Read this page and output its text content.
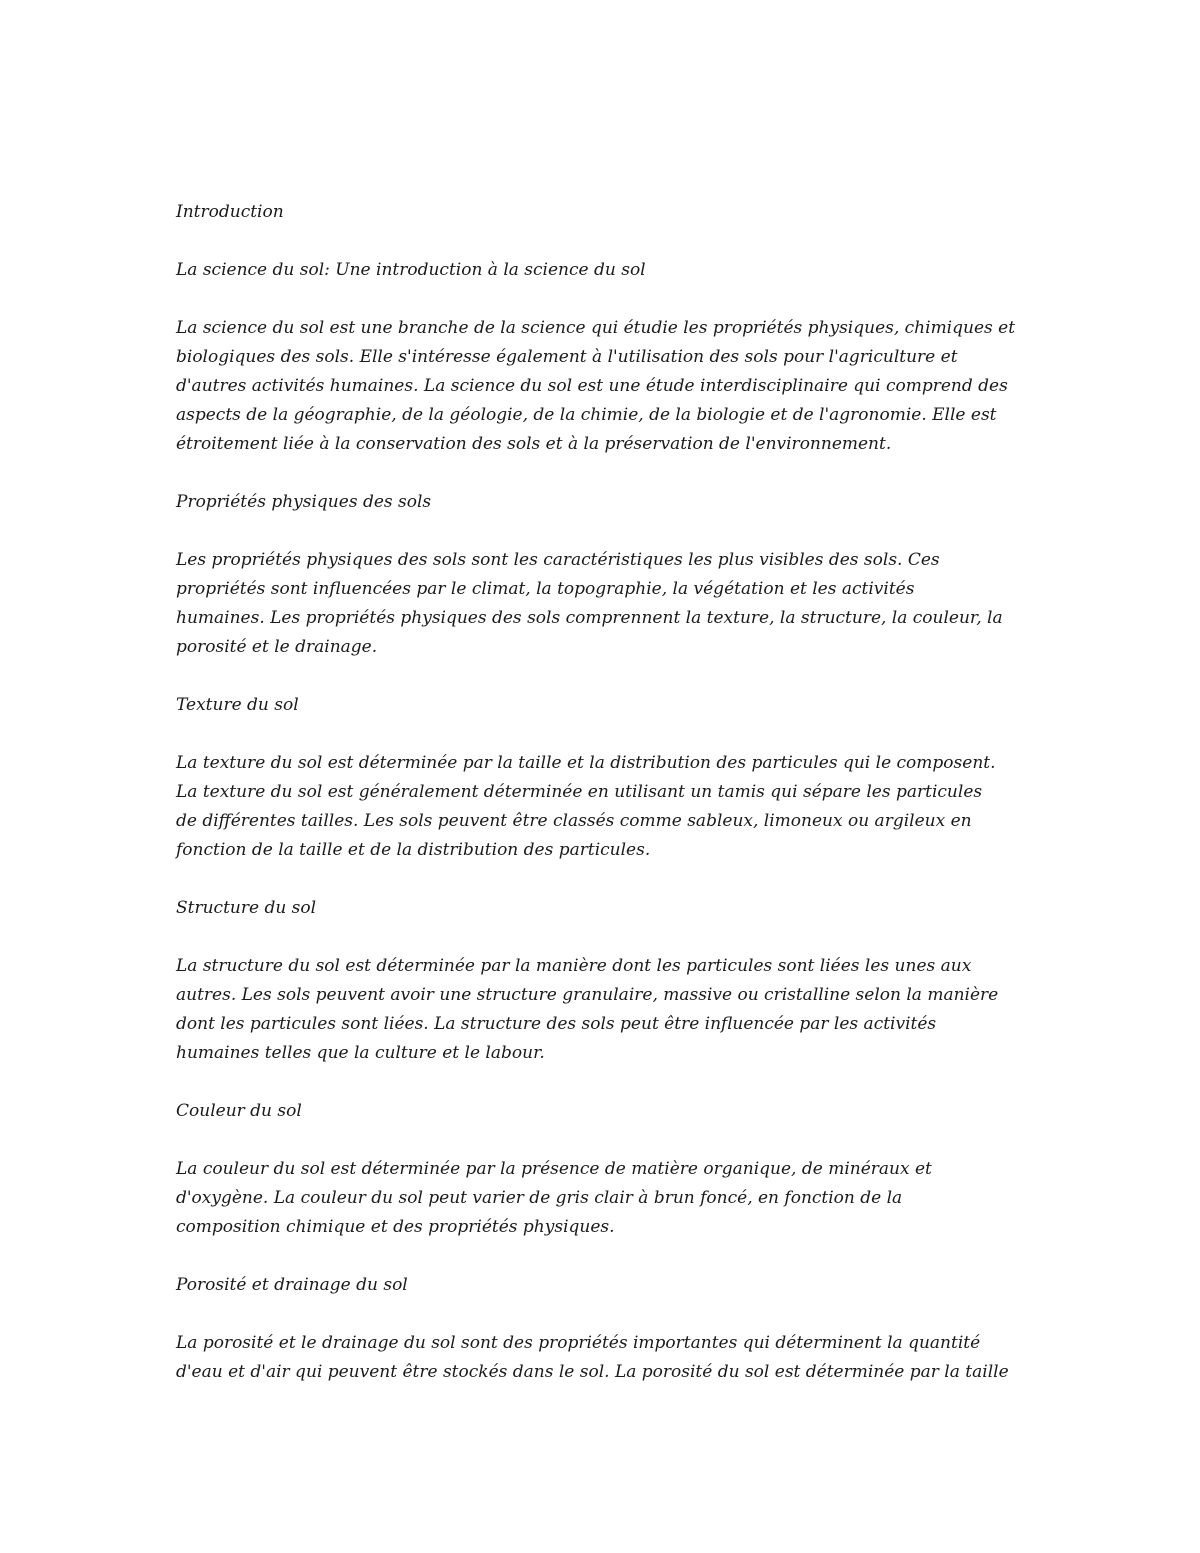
Introduction
La science du sol: Une introduction à la science du sol
La science du sol est une branche de la science qui étudie les propriétés physiques, chimiques et
biologiques des sols. Elle s'intéresse également à l'utilisation des sols pour l'agriculture et
d'autres activités humaines. La science du sol est une étude interdisciplinaire qui comprend des
aspects de la géographie, de la géologie, de la chimie, de la biologie et de l'agronomie. Elle est
étroitement liée à la conservation des sols et à la préservation de l'environnement.
Propriétés physiques des sols
Les propriétés physiques des sols sont les caractéristiques les plus visibles des sols. Ces
propriétés sont influencées par le climat, la topographie, la végétation et les activités
humaines. Les propriétés physiques des sols comprennent la texture, la structure, la couleur, la
porosité et le drainage.
Texture du sol
La texture du sol est déterminée par la taille et la distribution des particules qui le composent.
La texture du sol est généralement déterminée en utilisant un tamis qui sépare les particules
de différentes tailles. Les sols peuvent être classés comme sableux, limoneux ou argileux en
fonction de la taille et de la distribution des particules.
Structure du sol
La structure du sol est déterminée par la manière dont les particules sont liées les unes aux
autres. Les sols peuvent avoir une structure granulaire, massive ou cristalline selon la manière
dont les particules sont liées. La structure des sols peut être influencée par les activités
humaines telles que la culture et le labour.
Couleur du sol
La couleur du sol est déterminée par la présence de matière organique, de minéraux et
d'oxygène. La couleur du sol peut varier de gris clair à brun foncé, en fonction de la
composition chimique et des propriétés physiques.
Porosité et drainage du sol
La porosité et le drainage du sol sont des propriétés importantes qui déterminent la quantité
d'eau et d'air qui peuvent être stockés dans le sol. La porosité du sol est déterminée par la taille
